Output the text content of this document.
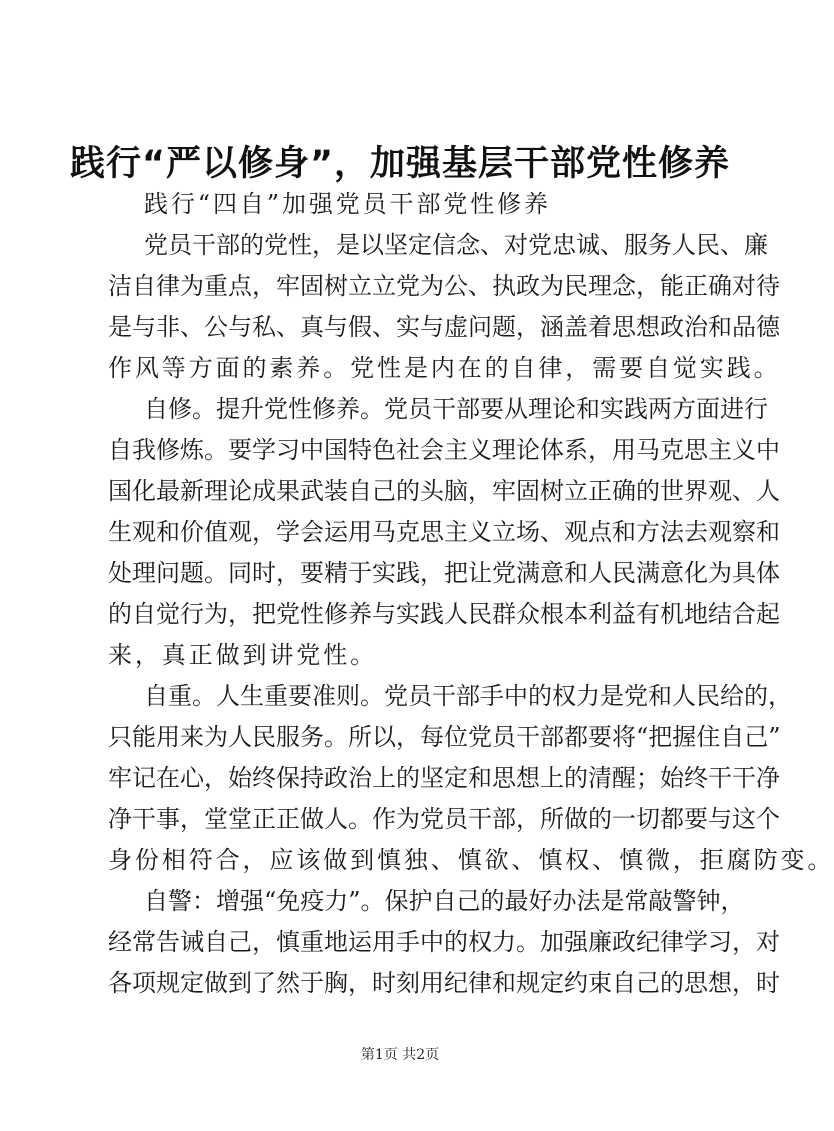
践行“严以修身”，加强基层干部党性修养
践行“四自”加强党员干部党性修养
党员干部的党性，是以坚定信念、对党忠诚、服务人民、廉
洁自律为重点，牢固树立立党为公、执政为民理念，能正确对待
是与非、公与私、真与假、实与虚问题，涵盖着思想政治和品德
作风等方面的素养。党性是内在的自律，需要自觉实践。
自修。提升党性修养。党员干部要从理论和实践两方面进行
自我修炼。要学习中国特色社会主义理论体系，用马克思主义中
国化最新理论成果武装自己的头脑，牢固树立正确的世界观、人
生观和价值观，学会运用马克思主义立场、观点和方法去观察和
处理问题。同时，要精于实践，把让党满意和人民满意化为具体
的自觉行为，把党性修养与实践人民群众根本利益有机地结合起
来，真正做到讲党性。
自重。人生重要准则。党员干部手中的权力是党和人民给的，
只能用来为人民服务。所以，每位党员干部都要将“把握住自己”
牢记在心，始终保持政治上的坚定和思想上的清醒；始终干干净
净干事，堂堂正正做人。作为党员干部，所做的一切都要与这个
身份相符合，应该做到慎独、慎欲、慎权、慎微，拒腐防变。
自警：增强“免疫力”。保护自己的最好办法是常敲警钟，
经常告诫自己，慎重地运用手中的权力。加强廉政纪律学习，对
各项规定做到了然于胸，时刻用纪律和规定约束自己的思想，时
第1页 共2页
